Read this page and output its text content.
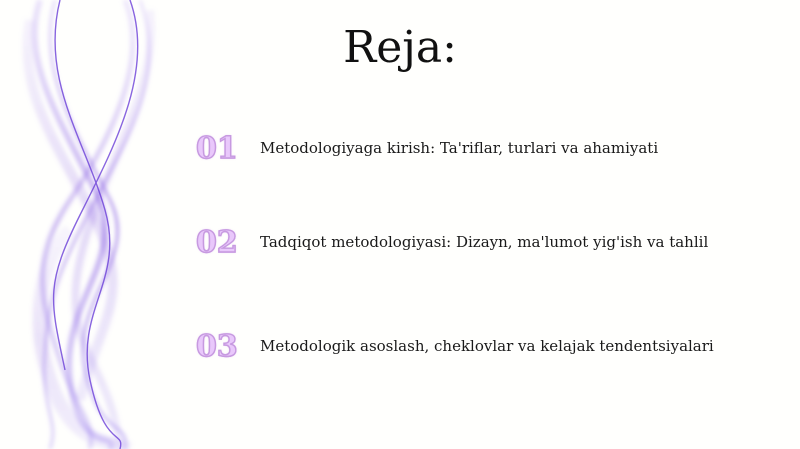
Reja:
01	Metodologiyaga kirish: Ta'riflar, turlari va ahamiyati
02	Tadqiqot metodologiyasi: Dizayn, ma'lumot yig'ish va tahlil
03	Metodologik asoslash, cheklovlar va kelajak tendentsiyalari
